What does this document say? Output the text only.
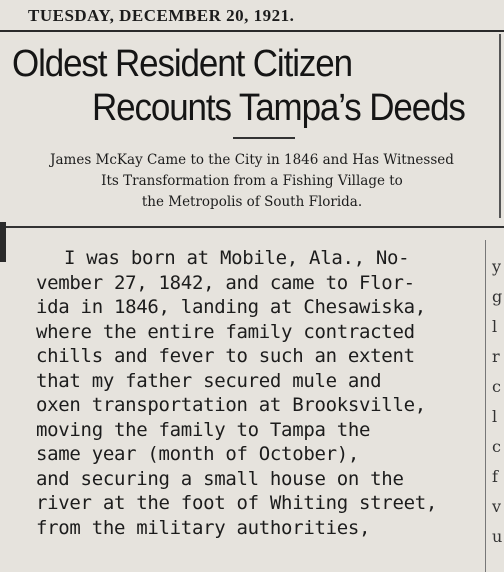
TUESDAY, DECEMBER 20, 1921.
Oldest Resident Citizen
Recounts Tampa’s Deeds

James McKay Came to the City in 1846 and Has Witnessed

Its Transformation from a Fishing Village to

the Metropolis of South Florida.

I was born at Mobile, Ala., No-

vember 27, 1842, and came to Flor-

ida in 1846, landing at Chesawiska,

where the entire family contracted

chills and fever to such an extent

that my father secured mule and

oxen transportation at Brooksville,

moving the family to Tampa the

same year (month of October),

and securing a small house on the

river at the foot of Whiting street,

from the military authorities,

y
g
l
r
c
l
c
f
v
u
